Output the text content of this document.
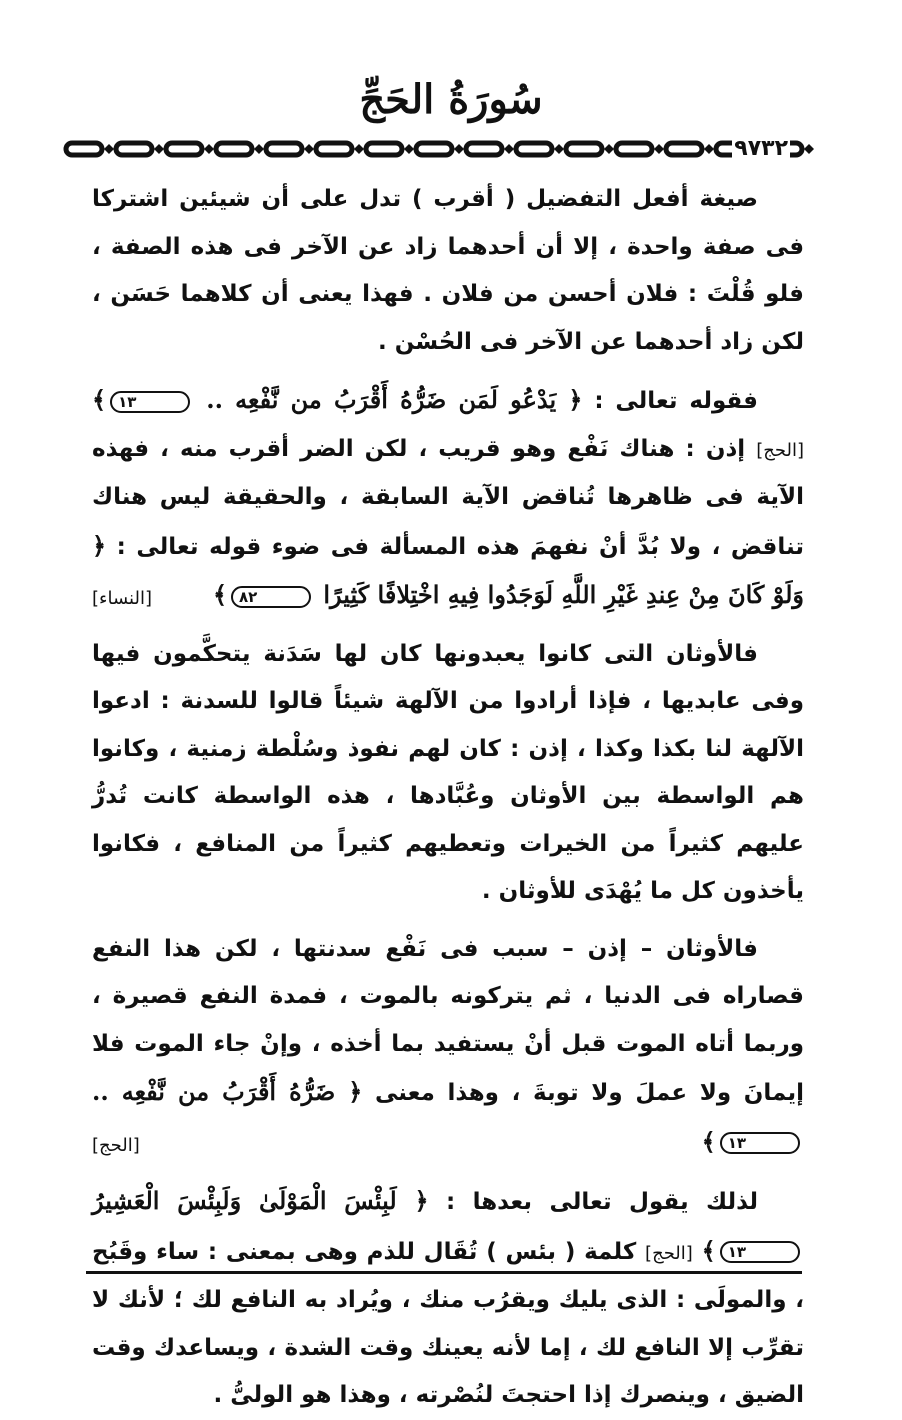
سُورَةُ الحَجِّ
٩٧٣٢

صيغة أفعل التفضيل ( أقرب ) تدل على أن شيئين اشتركا فى صفة واحدة ، إلا أن أحدهما زاد عن الآخر فى هذه الصفة ، فلو قُلْتَ : فلان أحسن من فلان . فهذا يعنى أن كلاهما حَسَن ، لكن زاد أحدهما عن الآخر فى الحُسْن .

فقوله تعالى : ﴿ يَدْعُو لَمَن ضَرُّهُ أَقْرَبُ من نَّفْعِه .. ١٣﴾ [الحج] إذن : هناك نَفْع وهو قريب ، لكن الضر أقرب منه ، فهذه الآية فى ظاهرها تُناقض الآية السابقة ، والحقيقة ليس هناك تناقض ، ولا بُدَّ أنْ نفهمَ هذه المسألة فى ضوء قوله تعالى : ﴿ وَلَوْ كَانَ مِنْ عِندِ غَيْرِ اللَّهِ لَوَجَدُوا فِيهِ اخْتِلافًا كَثِيرًا ٨٢﴾
[النساء]

فالأوثان التى كانوا يعبدونها كان لها سَدَنة يتحكَّمون فيها وفى عابديها ، فإذا أرادوا من الآلهة شيئاً قالوا للسدنة : ادعوا الآلهة لنا بكذا وكذا ، إذن : كان لهم نفوذ وسُلْطة زمنية ، وكانوا هم الواسطة بين الأوثان وعُبَّادها ، هذه الواسطة كانت تُدرُّ عليهم كثيراً من الخيرات وتعطيهم كثيراً من المنافع ، فكانوا يأخذون كل ما يُهْدَى للأوثان .

فالأوثان – إذن – سبب فى نَفْع سدنتها ، لكن هذا النفع قصاراه فى الدنيا ، ثم يتركونه بالموت ، فمدة النفع قصيرة ، وربما أتاه الموت قبل أنْ يستفيد بما أخذه ، وإنْ جاء الموت فلا إيمانَ ولا عملَ ولا توبةَ ، وهذا معنى ﴿ ضَرُّهُ أَقْرَبُ من نَّفْعِه .. ١٣﴾
[الحج]

لذلك يقول تعالى بعدها : ﴿ لَبِئْسَ الْمَوْلَىٰ وَلَبِئْسَ الْعَشِيرُ ١٣﴾ [الحج] كلمة ( بئس ) تُقَال للذم وهى بمعنى : ساء وقَبُح ، والمولَى : الذى يليك ويقرُب منك ، ويُراد به النافع لك ؛ لأنك لا تقرِّب إلا النافع لك ، إما لأنه يعينك وقت الشدة ، ويساعدك وقت الضيق ، وينصرك إذا احتجتَ لنُصْرته ، وهذا هو الولىُّ .
